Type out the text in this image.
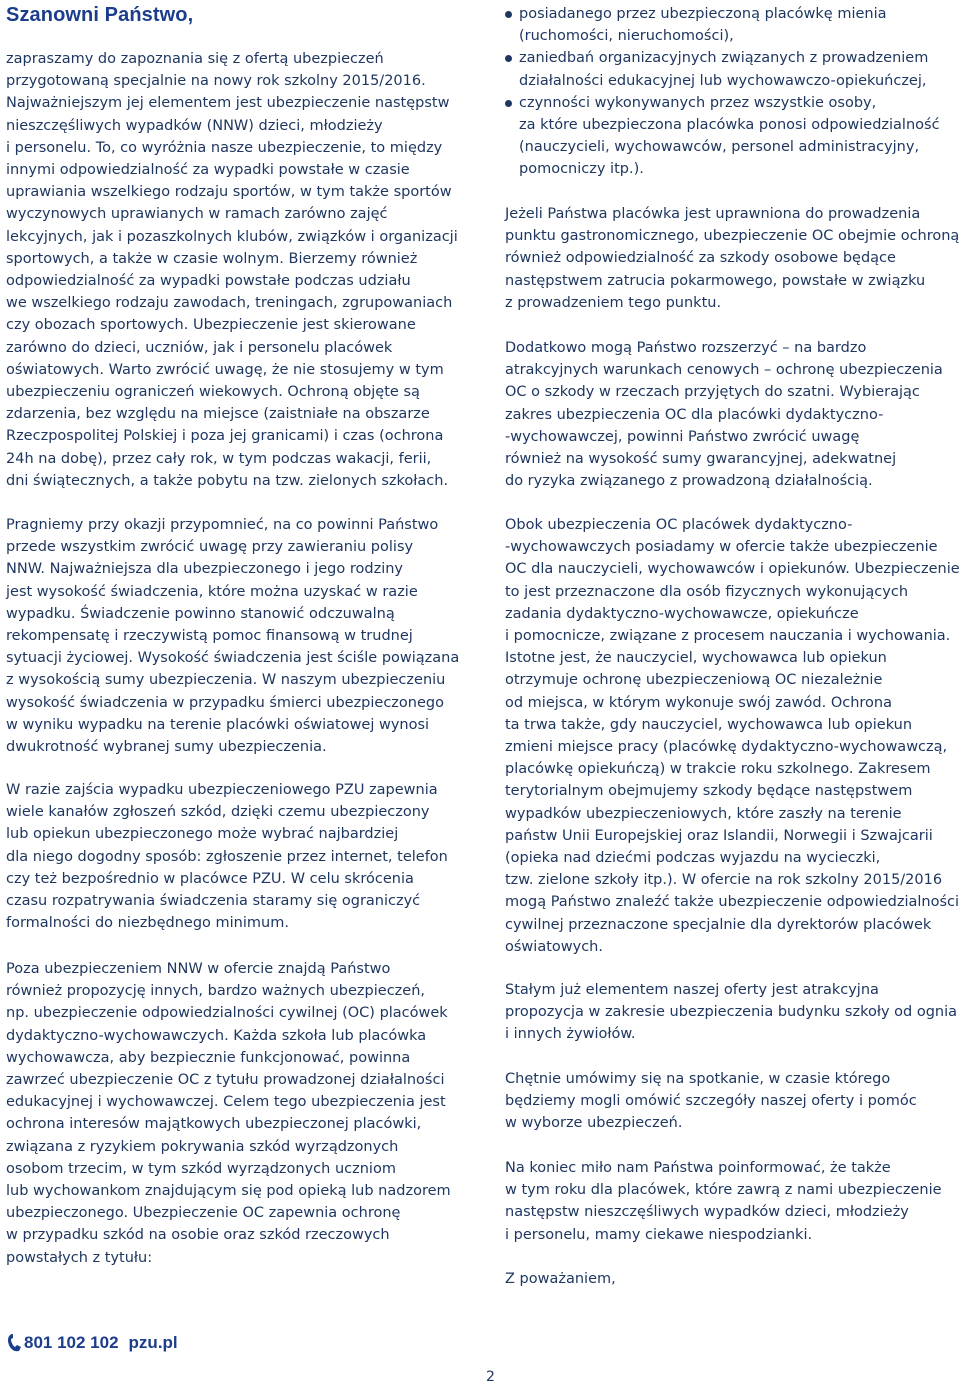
Szanowni Państwo,

zapraszamy do zapoznania się z ofertą ubezpieczeń
przygotowaną specjalnie na nowy rok szkolny 2015/2016.
Najważniejszym jej elementem jest ubezpieczenie następstw
nieszczęśliwych wypadków (NNW) dzieci, młodzieży
i personelu. To, co wyróżnia nasze ubezpieczenie, to między
innymi odpowiedzialność za wypadki powstałe w czasie
uprawiania wszelkiego rodzaju sportów, w tym także sportów
wyczynowych uprawianych w ramach zarówno zajęć
lekcyjnych, jak i pozaszkolnych klubów, związków i organizacji
sportowych, a także w czasie wolnym. Bierzemy również
odpowiedzialność za wypadki powstałe podczas udziału
we wszelkiego rodzaju zawodach, treningach, zgrupowaniach
czy obozach sportowych. Ubezpieczenie jest skierowane
zarówno do dzieci, uczniów, jak i personelu placówek
oświatowych. Warto zwrócić uwagę, że nie stosujemy w tym
ubezpieczeniu ograniczeń wiekowych. Ochroną objęte są
zdarzenia, bez względu na miejsce (zaistniałe na obszarze
Rzeczpospolitej Polskiej i poza jej granicami) i czas (ochrona
24h na dobę), przez cały rok, w tym podczas wakacji, ferii,
dni świątecznych, a także pobytu na tzw. zielonych szkołach.

Pragniemy przy okazji przypomnieć, na co powinni Państwo
przede wszystkim zwrócić uwagę przy zawieraniu polisy
NNW. Najważniejsza dla ubezpieczonego i jego rodziny
jest wysokość świadczenia, które można uzyskać w razie
wypadku. Świadczenie powinno stanowić odczuwalną
rekompensatę i rzeczywistą pomoc finansową w trudnej
sytuacji życiowej. Wysokość świadczenia jest ściśle powiązana
z wysokością sumy ubezpieczenia. W naszym ubezpieczeniu
wysokość świadczenia w przypadku śmierci ubezpieczonego
w wyniku wypadku na terenie placówki oświatowej wynosi
dwukrotność wybranej sumy ubezpieczenia.

W razie zajścia wypadku ubezpieczeniowego PZU zapewnia
wiele kanałów zgłoszeń szkód, dzięki czemu ubezpieczony
lub opiekun ubezpieczonego może wybrać najbardziej
dla niego dogodny sposób: zgłoszenie przez internet, telefon
czy też bezpośrednio w placówce PZU. W celu skrócenia
czasu rozpatrywania świadczenia staramy się ograniczyć
formalności do niezbędnego minimum.

Poza ubezpieczeniem NNW w ofercie znajdą Państwo
również propozycję innych, bardzo ważnych ubezpieczeń,
np. ubezpieczenie odpowiedzialności cywilnej (OC) placówek
dydaktyczno-wychowawczych. Każda szkoła lub placówka
wychowawcza, aby bezpiecznie funkcjonować, powinna
zawrzeć ubezpieczenie OC z tytułu prowadzonej działalności
edukacyjnej i wychowawczej. Celem tego ubezpieczenia jest
ochrona interesów majątkowych ubezpieczonej placówki,
związana z ryzykiem pokrywania szkód wyrządzonych
osobom trzecim, w tym szkód wyrządzonych uczniom
lub wychowankom znajdującym się pod opieką lub nadzorem
ubezpieczonego. Ubezpieczenie OC zapewnia ochronę
w przypadku szkód na osobie oraz szkód rzeczowych
powstałych z tytułu:

posiadanego przez ubezpieczoną placówkę mienia
(ruchomości, nieruchomości),
zaniedbań organizacyjnych związanych z prowadzeniem
działalności edukacyjnej lub wychowawczo-opiekuńczej,
czynności wykonywanych przez wszystkie osoby,
za które ubezpieczona placówka ponosi odpowiedzialność
(nauczycieli, wychowawców, personel administracyjny,
pomocniczy itp.).

Jeżeli Państwa placówka jest uprawniona do prowadzenia
punktu gastronomicznego, ubezpieczenie OC obejmie ochroną
również odpowiedzialność za szkody osobowe będące
następstwem zatrucia pokarmowego, powstałe w związku
z prowadzeniem tego punktu.

Dodatkowo mogą Państwo rozszerzyć – na bardzo
atrakcyjnych warunkach cenowych – ochronę ubezpieczenia
OC o szkody w rzeczach przyjętych do szatni. Wybierając
zakres ubezpieczenia OC dla placówki dydaktyczno-
-wychowawczej, powinni Państwo zwrócić uwagę
również na wysokość sumy gwarancyjnej, adekwatnej
do ryzyka związanego z prowadzoną działalnością.

Obok ubezpieczenia OC placówek dydaktyczno-
-wychowawczych posiadamy w ofercie także ubezpieczenie
OC dla nauczycieli, wychowawców i opiekunów. Ubezpieczenie
to jest przeznaczone dla osób fizycznych wykonujących
zadania dydaktyczno-wychowawcze, opiekuńcze
i pomocnicze, związane z procesem nauczania i wychowania.
Istotne jest, że nauczyciel, wychowawca lub opiekun
otrzymuje ochronę ubezpieczeniową OC niezależnie
od miejsca, w którym wykonuje swój zawód. Ochrona
ta trwa także, gdy nauczyciel, wychowawca lub opiekun
zmieni miejsce pracy (placówkę dydaktyczno-wychowawczą,
placówkę opiekuńczą) w trakcie roku szkolnego. Zakresem
terytorialnym obejmujemy szkody będące następstwem
wypadków ubezpieczeniowych, które zaszły na terenie
państw Unii Europejskiej oraz Islandii, Norwegii i Szwajcarii
(opieka nad dziećmi podczas wyjazdu na wycieczki,
tzw. zielone szkoły itp.). W ofercie na rok szkolny 2015/2016
mogą Państwo znaleźć także ubezpieczenie odpowiedzialności
cywilnej przeznaczone specjalnie dla dyrektorów placówek
oświatowych.

Stałym już elementem naszej oferty jest atrakcyjna
propozycja w zakresie ubezpieczenia budynku szkoły od ognia
i innych żywiołów.

Chętnie umówimy się na spotkanie, w czasie którego
będziemy mogli omówić szczegóły naszej oferty i pomóc
w wyborze ubezpieczeń.

Na koniec miło nam Państwa poinformować, że także
w tym roku dla placówek, które zawrą z nami ubezpieczenie
następstw nieszczęśliwych wypadków dzieci, młodzieży
i personelu, mamy ciekawe niespodzianki.

Z poważaniem,

801 102 102 pzu.pl
2
